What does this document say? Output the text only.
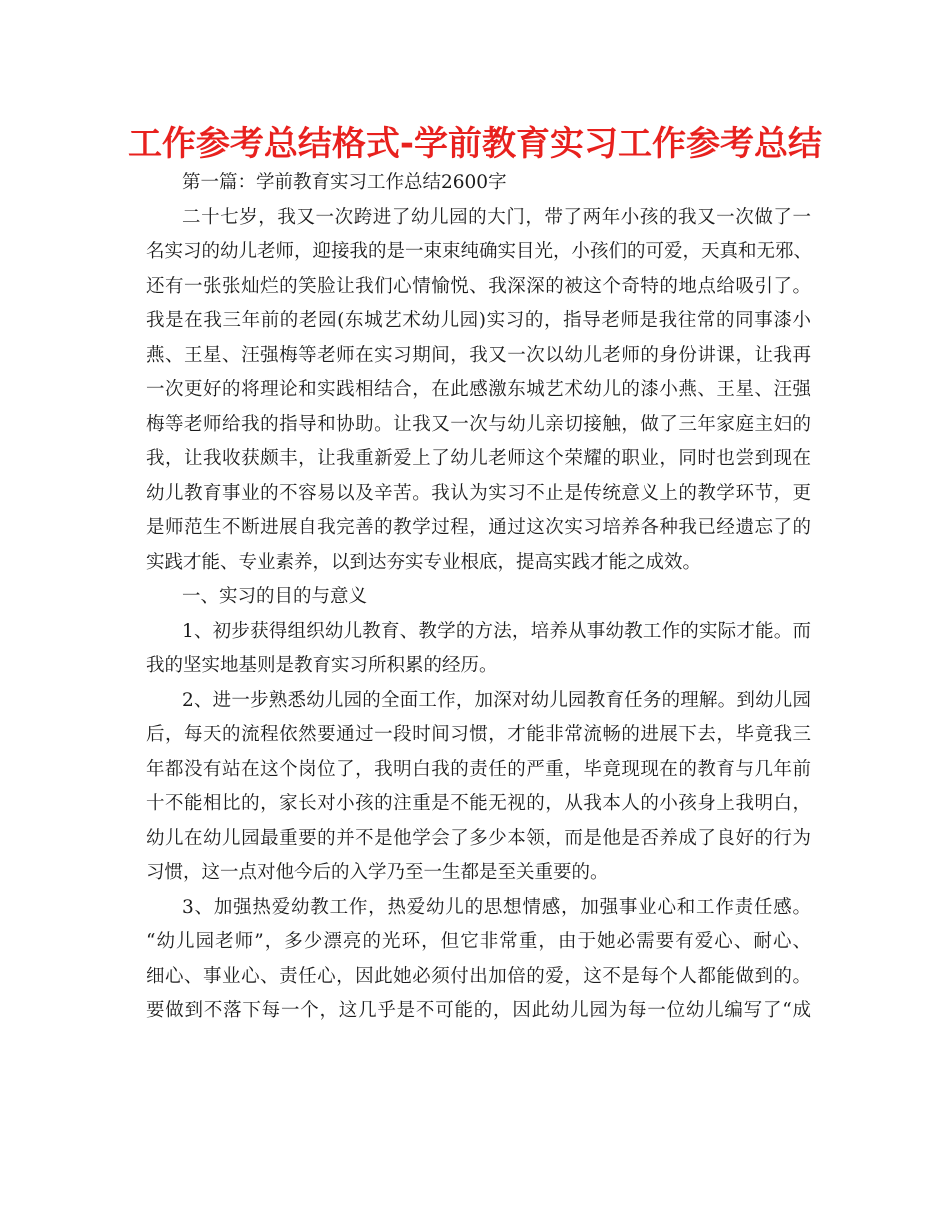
工作参考总结格式-学前教育实习工作参考总结
第一篇：学前教育实习工作总结2600字
二十七岁，我又一次跨进了幼儿园的大门，带了两年小孩的我又一次做了一
名实习的幼儿老师，迎接我的是一束束纯确实目光，小孩们的可爱，天真和无邪、
还有一张张灿烂的笑脸让我们心情愉悦、我深深的被这个奇特的地点给吸引了。
我是在我三年前的老园(东城艺术幼儿园)实习的，指导老师是我往常的同事漆小
燕、王星、汪强梅等老师在实习期间，我又一次以幼儿老师的身份讲课，让我再
一次更好的将理论和实践相结合，在此感激东城艺术幼儿的漆小燕、王星、汪强
梅等老师给我的指导和协助。让我又一次与幼儿亲切接触，做了三年家庭主妇的
我，让我收获颇丰，让我重新爱上了幼儿老师这个荣耀的职业，同时也尝到现在
幼儿教育事业的不容易以及辛苦。我认为实习不止是传统意义上的教学环节，更
是师范生不断进展自我完善的教学过程，通过这次实习培养各种我已经遗忘了的
实践才能、专业素养，以到达夯实专业根底，提高实践才能之成效。
一、实习的目的与意义
1、初步获得组织幼儿教育、教学的方法，培养从事幼教工作的实际才能。而
我的坚实地基则是教育实习所积累的经历。
2、进一步熟悉幼儿园的全面工作，加深对幼儿园教育任务的理解。到幼儿园
后，每天的流程依然要通过一段时间习惯，才能非常流畅的进展下去，毕竟我三
年都没有站在这个岗位了，我明白我的责任的严重，毕竟现现在的教育与几年前
十不能相比的，家长对小孩的注重是不能无视的，从我本人的小孩身上我明白，
幼儿在幼儿园最重要的并不是他学会了多少本领，而是他是否养成了良好的行为
习惯，这一点对他今后的入学乃至一生都是至关重要的。
3、加强热爱幼教工作，热爱幼儿的思想情感，加强事业心和工作责任感。
“幼儿园老师”，多少漂亮的光环，但它非常重，由于她必需要有爱心、耐心、
细心、事业心、责任心，因此她必须付出加倍的爱，这不是每个人都能做到的。
要做到不落下每一个，这几乎是不可能的，因此幼儿园为每一位幼儿编写了“成
